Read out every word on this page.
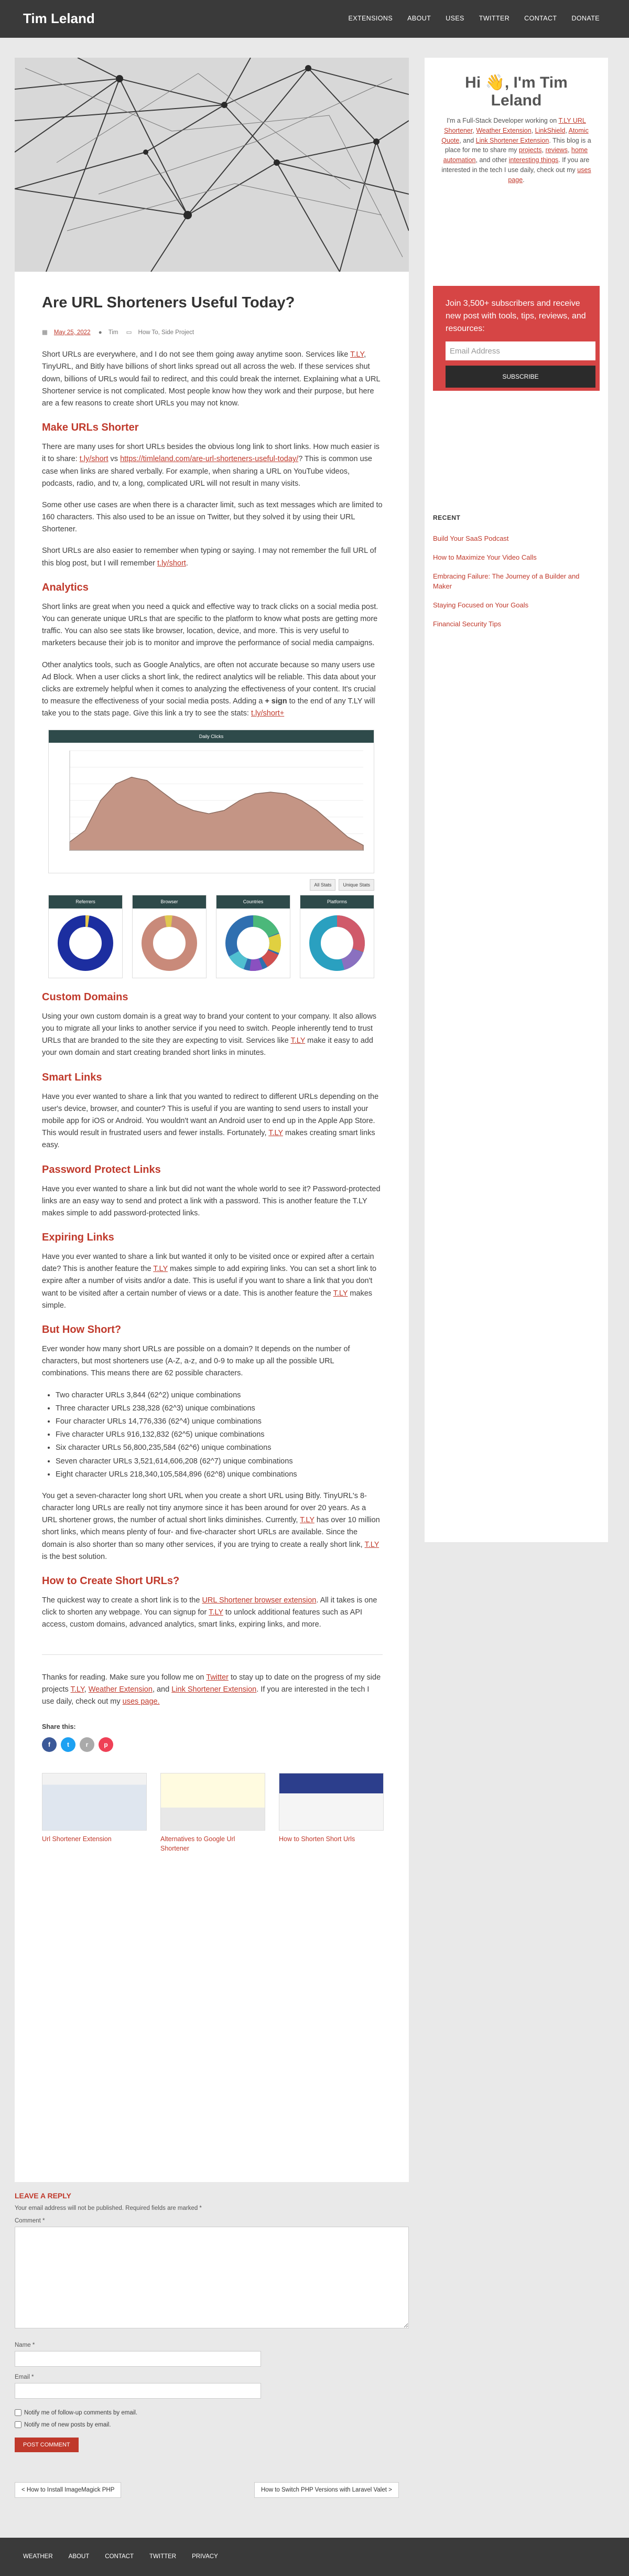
Tim Leland	EXTENSIONS ABOUT USES TWITTER CONTACT DONATE
Are URL Shorteners Useful Today?
▦ May 25, 2022 ● Tim ▭ How To, Side Project

Short URLs are everywhere, and I do not see them going away anytime soon. Services like T.LY, TinyURL, and Bitly have billions of short links spread out all across the web. If these services shut down, billions of URLs would fail to redirect, and this could break the internet. Explaining what a URL Shortener service is not complicated. Most people know how they work and their purpose, but here are a few reasons to create short URLs you may not know.

Make URLs Shorter

There are many uses for short URLs besides the obvious long link to short links. How much easier is it to share: t.ly/short vs https://timleland.com/are-url-shorteners-useful-today/? This is common use case when links are shared verbally. For example, when sharing a URL on YouTube videos, podcasts, radio, and tv, a long, complicated URL will not result in many visits.

Some other use cases are when there is a character limit, such as text messages which are limited to 160 characters. This also used to be an issue on Twitter, but they solved it by using their URL Shortener.

Short URLs are also easier to remember when typing or saying. I may not remember the full URL of this blog post, but I will remember t.ly/short.

Analytics

Short links are great when you need a quick and effective way to track clicks on a social media post. You can generate unique URLs that are specific to the platform to know what posts are getting more traffic. You can also see stats like browser, location, device, and more. This is very useful to marketers because their job is to monitor and improve the performance of social media campaigns.

Other analytics tools, such as Google Analytics, are often not accurate because so many users use Ad Block. When a user clicks a short link, the redirect analytics will be reliable. This data about your clicks are extremely helpful when it comes to analyzing the effectiveness of your content. It's crucial to measure the effectiveness of your social media posts. Adding a + sign to the end of any T.LY will take you to the stats page. Give this link a try to see the stats: t.ly/short+

Daily Clicks
All Stats Unique Stats
Referrers	Browser	Countries	Platforms
Custom Domains

Using your own custom domain is a great way to brand your content to your company. It also allows you to migrate all your links to another service if you need to switch. People inherently tend to trust URLs that are branded to the site they are expecting to visit. Services like T.LY make it easy to add your own domain and start creating branded short links in minutes.

Smart Links

Have you ever wanted to share a link that you wanted to redirect to different URLs depending on the user's device, browser, and counter? This is useful if you are wanting to send users to install your mobile app for iOS or Android. You wouldn't want an Android user to end up in the Apple App Store. This would result in frustrated users and fewer installs. Fortunately, T.LY makes creating smart links easy.

Password Protect Links

Have you ever wanted to share a link but did not want the whole world to see it? Password-protected links are an easy way to send and protect a link with a password. This is another feature the T.LY makes simple to add password-protected links.

Expiring Links

Have you ever wanted to share a link but wanted it only to be visited once or expired after a certain date? This is another feature the T.LY makes simple to add expiring links. You can set a short link to expire after a number of visits and/or a date. This is useful if you want to share a link that you don't want to be visited after a certain number of views or a date. This is another feature the T.LY makes simple.

But How Short?

Ever wonder how many short URLs are possible on a domain? It depends on the number of characters, but most shorteners use (A-Z, a-z, and 0-9 to make up all the possible URL combinations. This means there are 62 possible characters.

• Two character URLs 3,844 (62^2) unique combinations
• Three character URLs 238,328 (62^3) unique combinations
• Four character URLs 14,776,336 (62^4) unique combinations
• Five character URLs 916,132,832 (62^5) unique combinations
• Six character URLs 56,800,235,584 (62^6) unique combinations
• Seven character URLs 3,521,614,606,208 (62^7) unique combinations
• Eight character URLs 218,340,105,584,896 (62^8) unique combinations

You get a seven-character long short URL when you create a short URL using Bitly. TinyURL's 8-character long URLs are really not tiny anymore since it has been around for over 20 years. As a URL shortener grows, the number of actual short links diminishes. Currently, T.LY has over 10 million short links, which means plenty of four- and five-character short URLs are available. Since the domain is also shorter than so many other services, if you are trying to create a really short link, T.LY is the best solution.

How to Create Short URLs?

The quickest way to create a short link is to the URL Shortener browser extension. All it takes is one click to shorten any webpage. You can signup for T.LY to unlock additional features such as API access, custom domains, advanced analytics, smart links, expiring links, and more.

Thanks for reading. Make sure you follow me on Twitter to stay up to date on the progress of my side projects T.LY, Weather Extension, and Link Shortener Extension. If you are interested in the tech I use daily, check out my uses page.

Share this:
f	t	r	p
Url Shortener Extension	Alternatives to Google Url Shortener
How to Shorten Short Urls
LEAVE A REPLY
Your email address will not be published. Required fields are marked *
Comment *
Name *
Email *
Notify me of follow-up comments by email.
Notify me of new posts by email.
POST COMMENT
< How to Install ImageMagick PHP	How to Switch PHP Versions with Laravel Valet >
WEATHER	ABOUT	CONTACT	TWITTER	PRIVACY
Hi 👋, I'm Tim Leland

I'm a Full-Stack Developer working on T.LY URL Shortener, Weather Extension, LinkShield, Atomic Quote, and Link Shortener Extension. This blog is a place for me to share my projects, reviews, home automation, and other interesting things. If you are interested in the tech I use daily, check out my uses page.

Join 3,500+ subscribers and receive new post with tools, tips, reviews, and resources:

Email Address
SUBSCRIBE
RECENT
Build Your SaaS Podcast
How to Maximize Your Video Calls
Embracing Failure: The Journey of a Builder and Maker
Staying Focused on Your Goals
Financial Security Tips
